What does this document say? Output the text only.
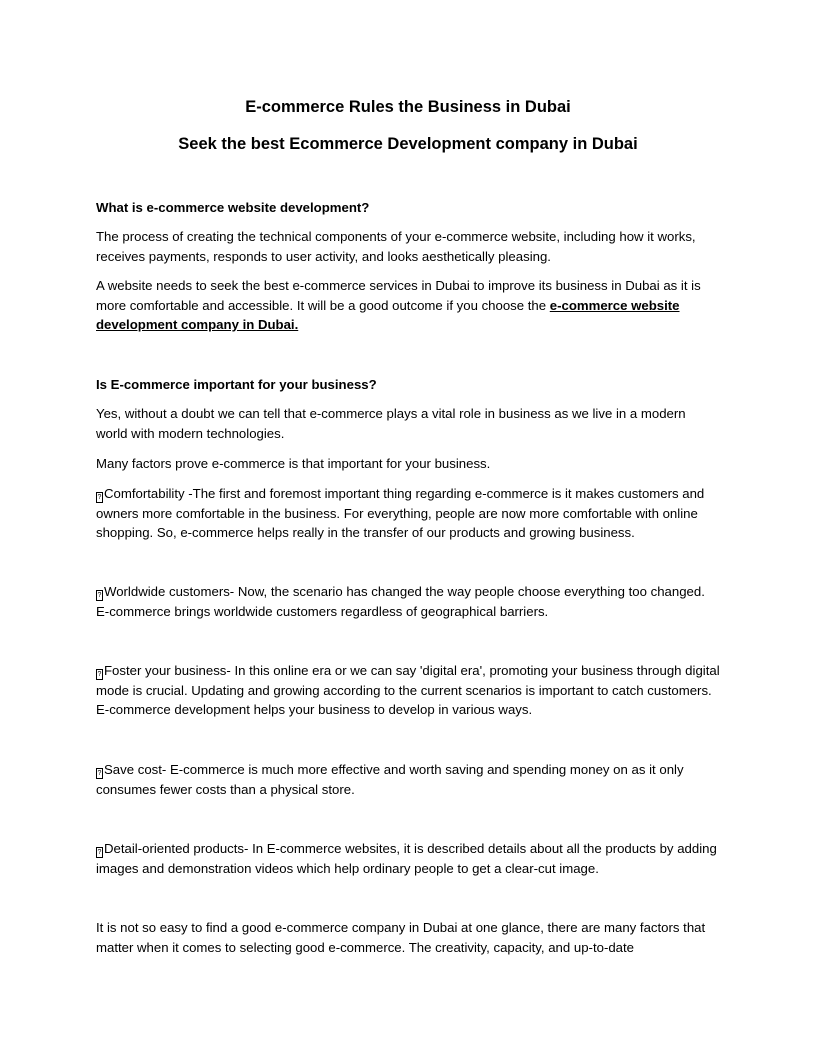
E-commerce Rules the Business in Dubai
Seek the best Ecommerce Development company in Dubai

What is e-commerce website development?

The process of creating the technical components of your e-commerce website, including how it works, receives payments, responds to user activity, and looks aesthetically pleasing.

A website needs to seek the best e-commerce services in Dubai to improve its business in Dubai as it is more comfortable and accessible. It will be a good outcome if you choose the e-commerce website development company in Dubai.

Is E-commerce important for your business?

Yes, without a doubt we can tell that e-commerce plays a vital role in business as we live in a modern world with modern technologies.

Many factors prove e-commerce is that important for your business.

? Comfortability -The first and foremost important thing regarding e-commerce is it makes customers and owners more comfortable in the business. For everything, people are now more comfortable with online shopping. So, e-commerce helps really in the transfer of our products and growing business.

? Worldwide customers- Now, the scenario has changed the way people choose everything too changed. E-commerce brings worldwide customers regardless of geographical barriers.

? Foster your business- In this online era or we can say 'digital era', promoting your business through digital mode is crucial. Updating and growing according to the current scenarios is important to catch customers. E-commerce development helps your business to develop in various ways.

? Save cost- E-commerce is much more effective and worth saving and spending money on as it only consumes fewer costs than a physical store.

? Detail-oriented products- In E-commerce websites, it is described details about all the products by adding images and demonstration videos which help ordinary people to get a clear-cut image.

It is not so easy to find a good e-commerce company in Dubai at one glance, there are many factors that matter when it comes to selecting good e-commerce. The creativity, capacity, and up-to-date
